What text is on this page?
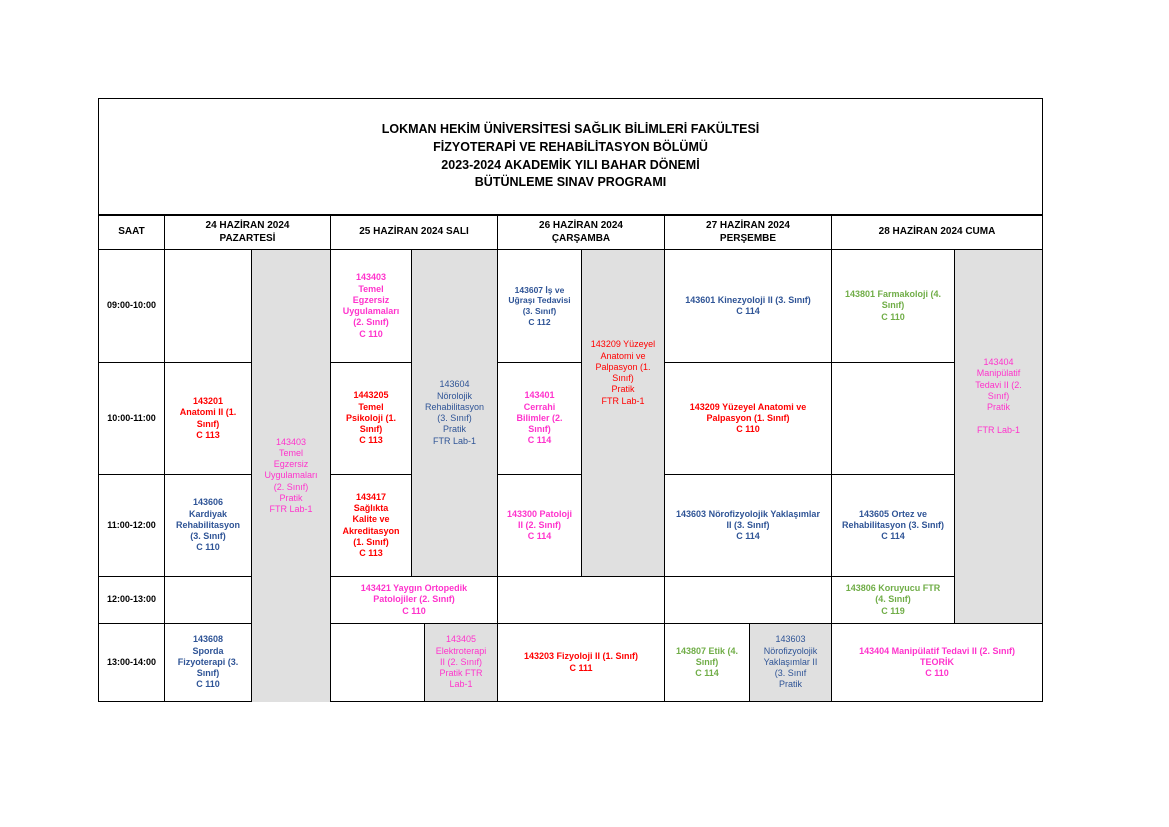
LOKMAN HEKİM ÜNİVERSİTESİ SAĞLIK BİLİMLERİ FAKÜLTESİ
FİZYOTERAPİ VE REHABİLİTASYON BÖLÜMÜ
2023-2024 AKADEMİK YILI BAHAR DÖNEMİ
BÜTÜNLEME SINAV PROGRAMI
SAAT
24 HAZİRAN 2024
PAZARTESİ
25 HAZİRAN 2024 SALI
26 HAZİRAN 2024
ÇARŞAMBA
27 HAZİRAN 2024
PERŞEMBE
28 HAZİRAN 2024 CUMA
09:00-10:00
10:00-11:00
11:00-12:00
12:00-13:00
13:00-14:00
143201
Anatomi II (1.
Sınıf)
C 113
143606
Kardiyak
Rehabilitasyon
(3. Sınıf)
C 110
143608
Sporda
Fizyoterapi (3.
Sınıf)
C 110
143403
Temel
Egzersiz
Uygulamaları
(2. Sınıf)
Pratik
FTR Lab-1
143403
Temel
Egzersiz
Uygulamaları
(2. Sınıf)
C 110
1443205
Temel
Psikoloji (1.
Sınıf)
C 113
143417
Sağlıkta
Kalite ve
Akreditasyon
(1. Sınıf)
C 113
143604
Nörolojik
Rehabilitasyon
(3. Sınıf)
Pratik
FTR Lab-1
143421 Yaygın Ortopedik
Patolojiler (2. Sınıf)
C 110
143405
Elektroterapi
II (2. Sınıf)
Pratik FTR
Lab-1
143607 İş ve
Uğraşı Tedavisi
(3. Sınıf)
C 112
143401
Cerrahi
Bilimler (2.
Sınıf)
C 114
143300 Patoloji
II (2. Sınıf)
C 114
143209 Yüzeyel
Anatomi ve
Palpasyon (1.
Sınıf)
Pratik
FTR Lab-1
143203 Fizyoloji II (1. Sınıf)
C 111
143601 Kinezyoloji II (3. Sınıf)
C 114
143209 Yüzeyel Anatomi ve
Palpasyon (1. Sınıf)
C 110
143603 Nörofizyolojik Yaklaşımlar
II (3. Sınıf)
C 114
143807 Etik (4.
Sınıf)
C 114
143603
Nörofizyolojik
Yaklaşımlar II
(3. Sınıf
Pratik
143801 Farmakoloji (4.
Sınıf)
C 110
143605 Ortez ve
Rehabilitasyon (3. Sınıf)
C 114
143806 Koruyucu FTR
(4. Sınıf)
C 119
143404
Manipülatif
Tedavi II (2.
Sınıf)
Pratik

FTR Lab-1
143404 Manipülatif Tedavi II (2. Sınıf)
TEORİK
C 110
